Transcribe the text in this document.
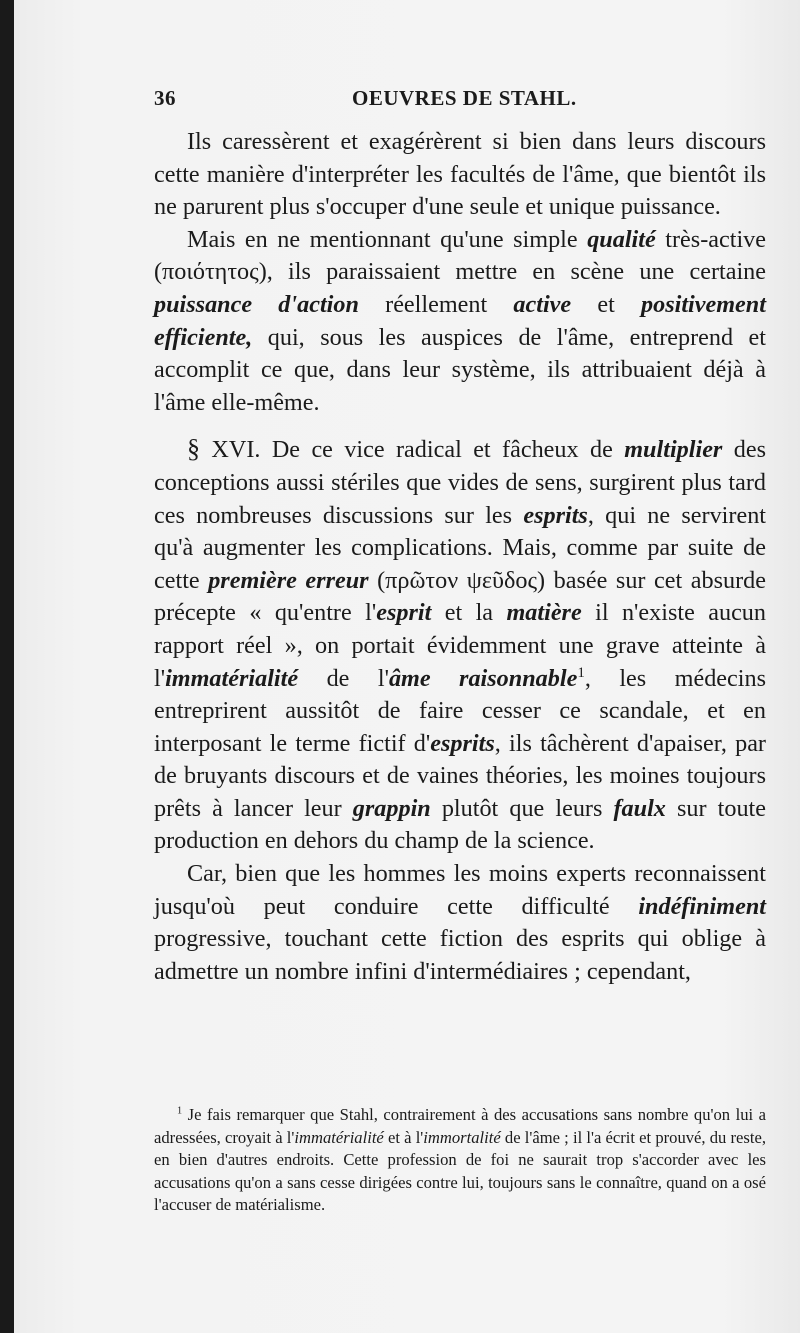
36	OEUVRES DE STAHL.

Ils caressèrent et exagérèrent si bien dans leurs discours cette manière d'interpréter les facultés de l'âme, que bientôt ils ne parurent plus s'occuper d'une seule et unique puissance.

Mais en ne mentionnant qu'une simple qualité très-active (ποιότητος), ils paraissaient mettre en scène une certaine puissance d'action réellement active et positivement efficiente, qui, sous les auspices de l'âme, entreprend et accomplit ce que, dans leur système, ils attribuaient déjà à l'âme elle-même.

§ XVI. De ce vice radical et fâcheux de multiplier des conceptions aussi stériles que vides de sens, surgirent plus tard ces nombreuses discussions sur les esprits, qui ne servirent qu'à augmenter les complications. Mais, comme par suite de cette première erreur (πρῶτον ψεῦδος) basée sur cet absurde précepte « qu'entre l'esprit et la matière il n'existe aucun rapport réel », on portait évidemment une grave atteinte à l'immatérialité de l'âme raisonnable$^1$, les médecins entreprirent aussitôt de faire cesser ce scandale, et en interposant le terme fictif d'esprits, ils tâchèrent d'apaiser, par de bruyants discours et de vaines théories, les moines toujours prêts à lancer leur grappin plutôt que leurs faulx sur toute production en dehors du champ de la science.

Car, bien que les hommes les moins experts reconnaissent jusqu'où peut conduire cette difficulté indéfiniment progressive, touchant cette fiction des esprits qui oblige à admettre un nombre infini d'intermédiaires ; cependant,

$^1$ Je fais remarquer que Stahl, contrairement à des accusations sans nombre qu'on lui a adressées, croyait à l'immatérialité et à l'immortalité de l'âme ; il l'a écrit et prouvé, du reste, en bien d'autres endroits. Cette profession de foi ne saurait trop s'accorder avec les accusations qu'on a sans cesse dirigées contre lui, toujours sans le connaître, quand on a osé l'accuser de matérialisme.
